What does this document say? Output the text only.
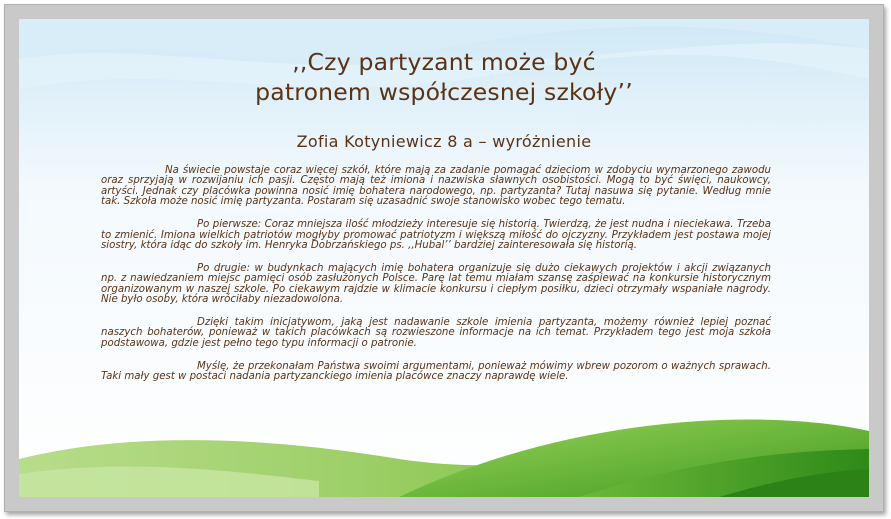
,,Czy partyzant może być
patronem współczesnej szkoły’’
Zofia Kotyniewicz 8 a – wyróżnienie

Na świecie powstaje coraz więcej szkół, które mają za zadanie pomagać dzieciom w zdobyciu wymarzonego zawodu oraz sprzyjają w rozwijaniu ich pasji. Często mają też imiona i nazwiska sławnych osobistości. Mogą to być święci, naukowcy, artyści. Jednak czy placówka powinna nosić imię bohatera narodowego, np. partyzanta? Tutaj nasuwa się pytanie. Według mnie tak. Szkoła może nosić imię partyzanta. Postaram się uzasadnić swoje stanowisko wobec tego tematu.

Po pierwsze: Coraz mniejsza ilość młodzieży interesuje się historią. Twierdzą, że jest nudna i nieciekawa. Trzeba to zmienić. Imiona wielkich patriotów mogłyby promować patriotyzm i większą miłość do ojczyzny. Przykładem jest postawa mojej siostry, która idąc do szkoły im. Henryka Dobrzańskiego ps. ,,Hubal’’ bardziej zainteresowała się historią.

Po drugie: w budynkach mających imię bohatera organizuje się dużo ciekawych projektów i akcji związanych np. z nawiedzaniem miejsc pamięci osób zasłużonych Polsce. Parę lat temu miałam szansę zaśpiewać na konkursie historycznym organizowanym w naszej szkole. Po ciekawym rajdzie w klimacie konkursu i ciepłym posiłku, dzieci otrzymały wspaniałe nagrody. Nie było osoby, która wróciłaby niezadowolona.

Dzięki takim inicjatywom, jaką jest nadawanie szkole imienia partyzanta, możemy również lepiej poznać naszych bohaterów, ponieważ w takich placówkach są rozwieszone informacje na ich temat. Przykładem tego jest moja szkoła podstawowa, gdzie jest pełno tego typu informacji o patronie.

Myślę, że przekonałam Państwa swoimi argumentami, ponieważ mówimy wbrew pozorom o ważnych sprawach. Taki mały gest w postaci nadania partyzanckiego imienia placówce znaczy naprawdę wiele.
